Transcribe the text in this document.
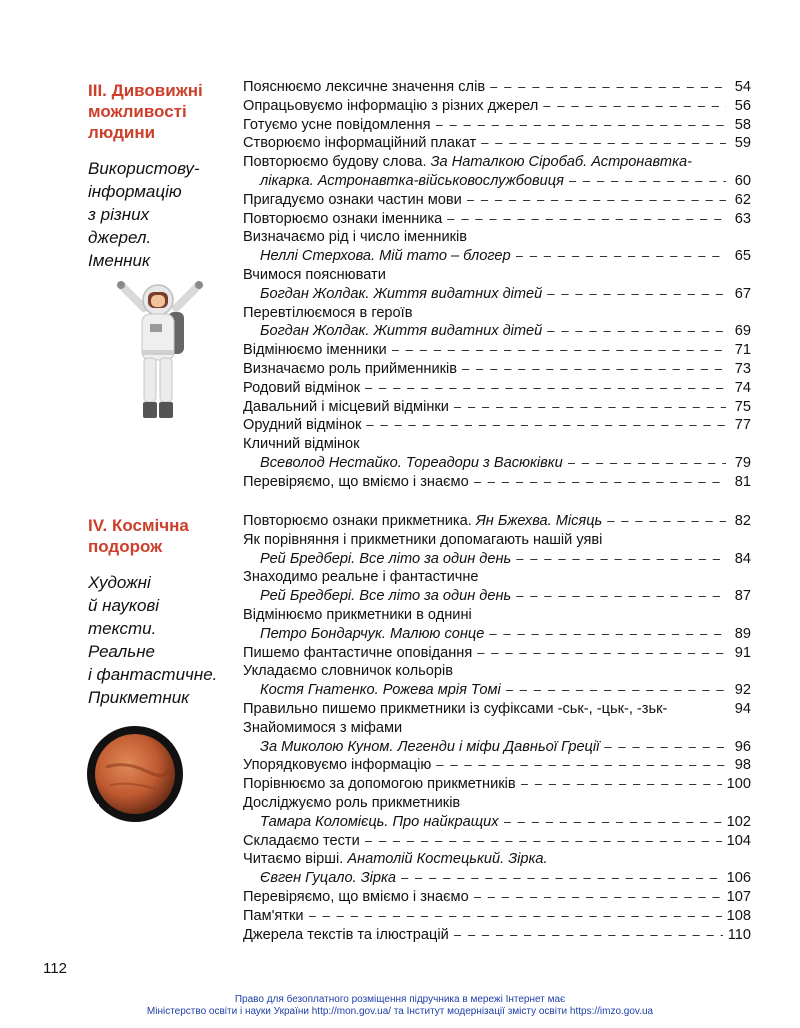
III. Дивовижні можливості людини
Використову-
інформацію
з різних
джерел.
Іменник
Пояснюємо лексичне значення слів – – –	54
Опрацьовуємо інформацію з різних джерел – – –	56
Готуємо усне повідомлення – – –	58
Створюємо інформаційний плакат – – –	59
Повторюємо будову слова. За Наталкою Сіробаб. Астронавтка-
лікарка. Астронавтка-військовослужбовиця – – –	60
Пригадуємо ознаки частин мови – – –	62
Повторюємо ознаки іменника – – –	63
Визначаємо рід і число іменників
Неллі Стерхова. Мій тато – блогер – – –	65
Вчимося пояснювати
Богдан Жолдак. Життя видатних дітей – – –	67
Перевтілюємося в героїв
Богдан Жолдак. Життя видатних дітей – – –	69
Відмінюємо іменники – – –	71
Визначаємо роль прийменників – – –	73
Родовий відмінок – – –	74
Давальний і місцевий відмінки – – –	75
Орудний відмінок – – –	77
Кличний відмінок
Всеволод Нестайко. Тореадори з Васюківки – – –	79
Перевіряємо, що вміємо і знаємо – – –	81
IV. Космічна подорож
Художні
й наукові
тексти.
Реальне
і фантастичне.
Прикметник
Повторюємо ознаки прикметника. Ян Бжехва. Місяць – – –	82
Як порівняння і прикметники допомагають нашій уяві
Рей Бредбері. Все літо за один день – – –	84
Знаходимо реальне і фантастичне
Рей Бредбері. Все літо за один день – – –	87
Відмінюємо прикметники в однині
Петро Бондарчук. Малюю сонце – – –	89
Пишемо фантастичне оповідання – – –	91
Укладаємо словничок кольорів
Костя Гнатенко. Рожева мрія Томі – – –	92
Правильно пишемо прикметники із суфіксами -ськ-, -цьк-, -зьк-	94
Знайомимося з міфами
За Миколою Куном. Легенди і міфи Давньої Греції – – –	96
Упорядковуємо інформацію – – –	98
Порівнюємо за допомогою прикметників – – –	100
Досліджуємо роль прикметників
Тамара Коломієць. Про найкращих – – –	102
Складаємо тести – – –	104
Читаємо вірші. Анатолій Костецький. Зірка.
Євген Гуцало. Зірка – – –	106
Перевіряємо, що вміємо і знаємо – – –	107
Пам'ятки – – –	108
Джерела текстів та ілюстрацій – – –	110
112
Право для безоплатного розміщення підручника в мережі Інтернет має
Міністерство освіти і науки України http://mon.gov.ua/ та Інститут модернізації змісту освіти https://imzo.gov.ua
